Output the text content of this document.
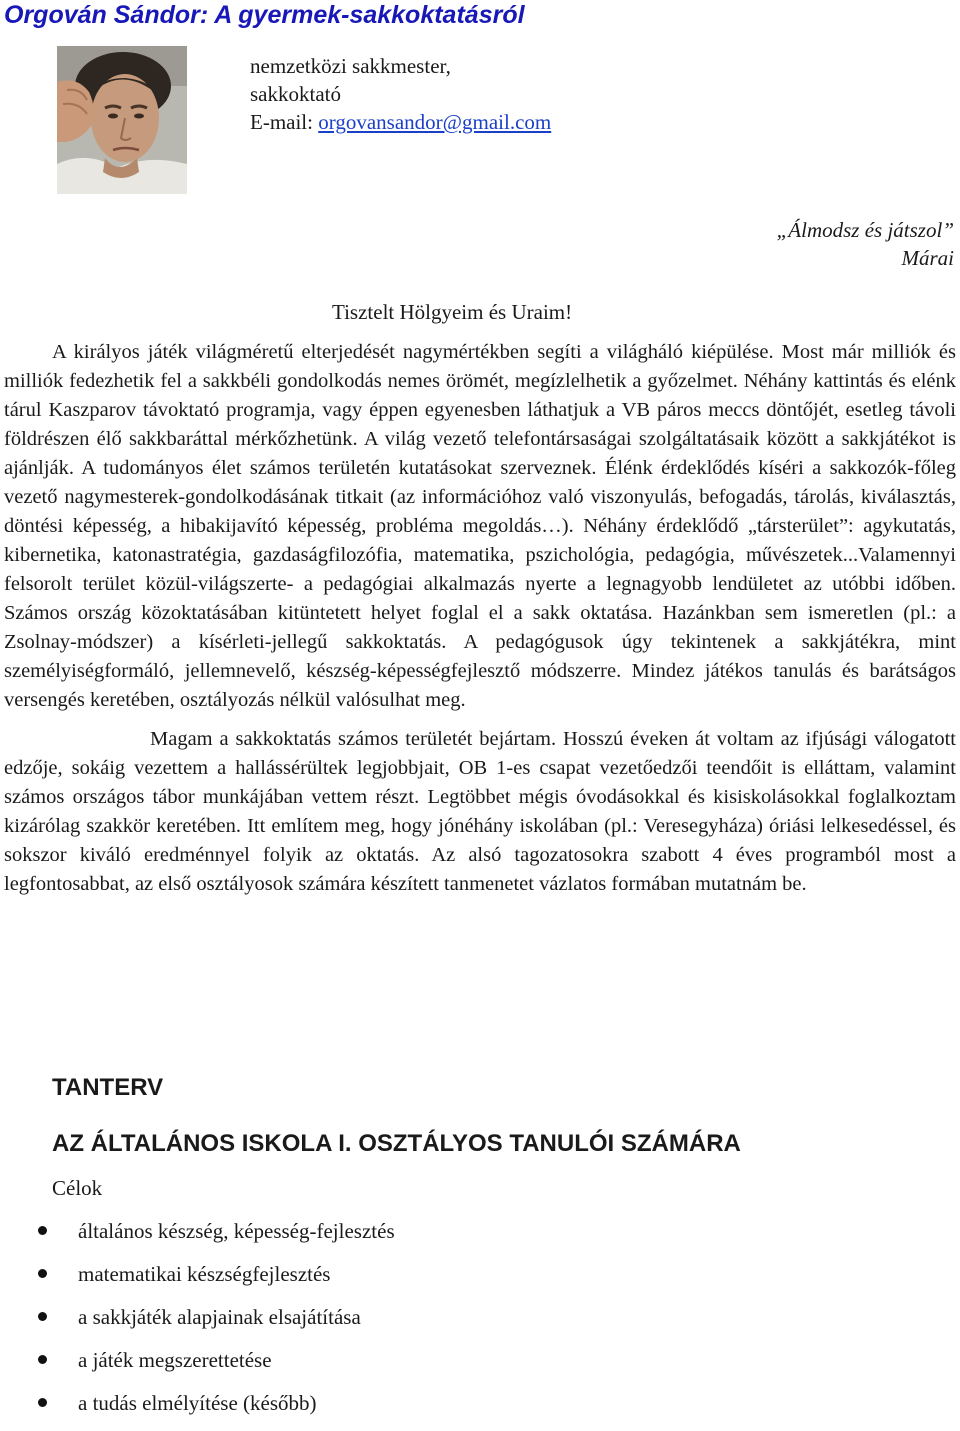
Orgován Sándor: A gyermek-sakkoktatásról
nemzetközi sakkmester,
sakkoktató
E-mail: orgovansandor@gmail.com
„Álmodsz és játszol”
Márai
Tisztelt Hölgyeim és Uraim!

A királyos játék világméretű elterjedését nagymértékben segíti a világháló kiépülése. Most már milliók és milliók fedezhetik fel a sakkbéli gondolkodás nemes örömét, megízlelhetik a győzelmet. Néhány kattintás és elénk tárul Kaszparov távoktató programja, vagy éppen egyenesben láthatjuk a VB páros meccs döntőjét, esetleg távoli földrészen élő sakkbaráttal mérkőzhetünk. A világ vezető telefontársaságai szolgáltatásaik között a sakkjátékot is ajánlják. A tudományos élet számos területén kutatásokat szerveznek. Élénk érdeklődés kíséri a sakkozók-főleg vezető nagymesterek-gondolkodásának titkait (az információhoz való viszonyulás, befogadás, tárolás, kiválasztás, döntési képesség, a hibakijavító képesség, probléma megoldás…). Néhány érdeklődő „társterület”: agykutatás, kibernetika, katonastratégia, gazdaságfilozófia, matematika, pszichológia, pedagógia, művészetek...Valamennyi felsorolt terület közül-világszerte- a pedagógiai alkalmazás nyerte a legnagyobb lendületet az utóbbi időben. Számos ország közoktatásában kitüntetett helyet foglal el a sakk oktatása. Hazánkban sem ismeretlen (pl.: a Zsolnay-módszer) a kísérleti-jellegű sakkoktatás. A pedagógusok úgy tekintenek a sakkjátékra, mint személyiségformáló, jellemnevelő, készség-képességfejlesztő módszerre. Mindez játékos tanulás és barátságos versengés keretében, osztályozás nélkül valósulhat meg.

Magam a sakkoktatás számos területét bejártam. Hosszú éveken át voltam az ifjúsági válogatott edzője, sokáig vezettem a hallássérültek legjobbjait, OB 1-es csapat vezetőedzői teendőit is elláttam, valamint számos országos tábor munkájában vettem részt. Legtöbbet mégis óvodásokkal és kisiskolásokkal foglalkoztam kizárólag szakkör keretében. Itt említem meg, hogy jónéhány iskolában (pl.: Veresegyháza) óriási lelkesedéssel, és sokszor kiváló eredménnyel folyik az oktatás. Az alsó tagozatosokra szabott 4 éves programból most a legfontosabbat, az első osztályosok számára készített tanmenetet vázlatos formában mutatnám be.

TANTERV
AZ ÁLTALÁNOS ISKOLA I. OSZTÁLYOS TANULÓI SZÁMÁRA
Célok
általános készség, képesség-fejlesztés
matematikai készségfejlesztés
a sakkjáték alapjainak elsajátítása
a játék megszerettetése
a tudás elmélyítése (később)
